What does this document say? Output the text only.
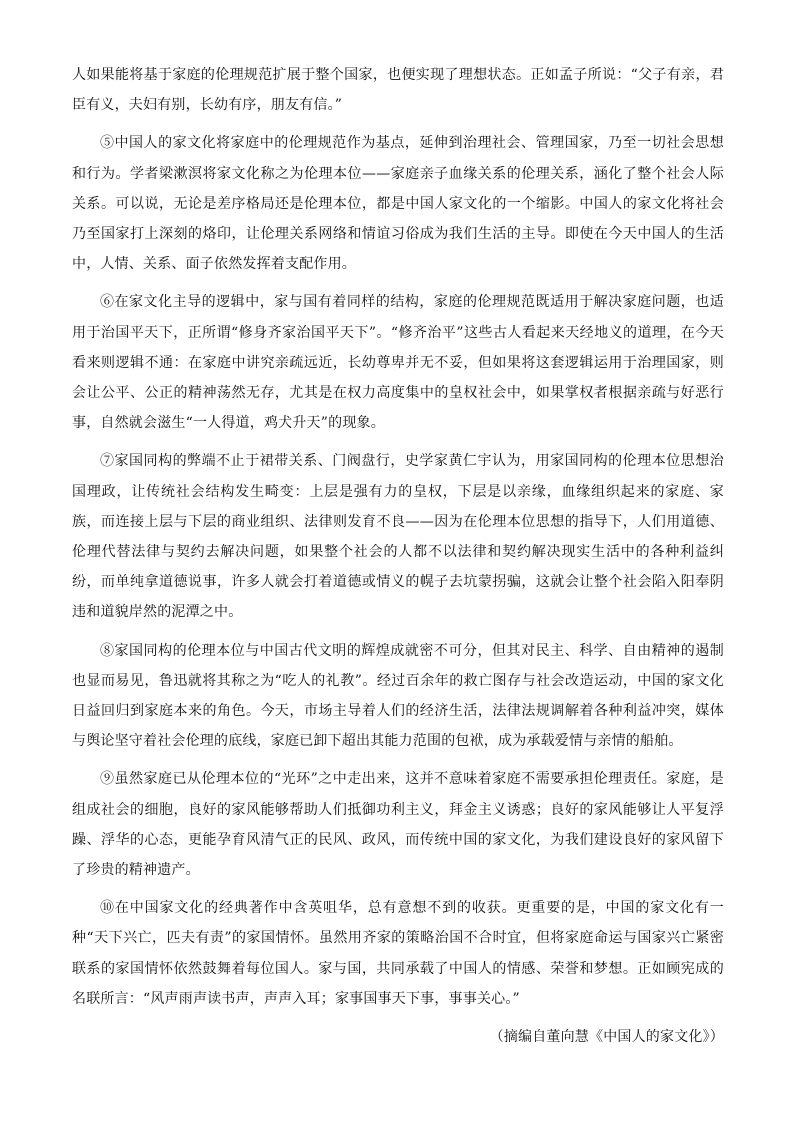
人如果能将基于家庭的伦理规范扩展于整个国家，也便实现了理想状态。正如孟子所说：“父子有亲，君臣有义，夫妇有别，长幼有序，朋友有信。”

⑤中国人的家文化将家庭中的伦理规范作为基点，延伸到治理社会、管理国家，乃至一切社会思想和行为。学者梁漱溟将家文化称之为伦理本位——家庭亲子血缘关系的伦理关系，涵化了整个社会人际关系。可以说，无论是差序格局还是伦理本位，都是中国人家文化的一个缩影。中国人的家文化将社会乃至国家打上深刻的烙印，让伦理关系网络和情谊习俗成为我们生活的主导。即使在今天中国人的生活中，人情、关系、面子依然发挥着支配作用。

⑥在家文化主导的逻辑中，家与国有着同样的结构，家庭的伦理规范既适用于解决家庭问题，也适用于治国平天下，正所谓“修身齐家治国平天下”。“修齐治平”这些古人看起来天经地义的道理，在今天看来则逻辑不通：在家庭中讲究亲疏远近，长幼尊卑并无不妥，但如果将这套逻辑运用于治理国家，则会让公平、公正的精神荡然无存，尤其是在权力高度集中的皇权社会中，如果掌权者根据亲疏与好恶行事，自然就会滋生“一人得道，鸡犬升天”的现象。

⑦家国同构的弊端不止于裙带关系、门阀盘行，史学家黄仁宇认为，用家国同构的伦理本位思想治国理政，让传统社会结构发生畸变：上层是强有力的皇权，下层是以亲缘，血缘组织起来的家庭、家族，而连接上层与下层的商业组织、法律则发育不良——因为在伦理本位思想的指导下，人们用道德、伦理代替法律与契约去解决问题，如果整个社会的人都不以法律和契约解决现实生活中的各种利益纠纷，而单纯拿道德说事，许多人就会打着道德或情义的幌子去坑蒙拐骗，这就会让整个社会陷入阳奉阴违和道貌岸然的泥潭之中。

⑧家国同构的伦理本位与中国古代文明的辉煌成就密不可分，但其对民主、科学、自由精神的遏制也显而易见，鲁迅就将其称之为“吃人的礼教”。经过百余年的救亡图存与社会改造运动，中国的家文化日益回归到家庭本来的角色。今天，市场主导着人们的经济生活，法律法规调解着各种利益冲突，媒体与舆论坚守着社会伦理的底线，家庭已卸下超出其能力范围的包袱，成为承载爱情与亲情的船舶。

⑨虽然家庭已从伦理本位的“光环”之中走出来，这并不意味着家庭不需要承担伦理责任。家庭，是组成社会的细胞，良好的家风能够帮助人们抵御功利主义，拜金主义诱惑；良好的家风能够让人平复浮躁、浮华的心态，更能孕育风清气正的民风、政风，而传统中国的家文化，为我们建设良好的家风留下了珍贵的精神遗产。

⑩在中国家文化的经典著作中含英咀华，总有意想不到的收获。更重要的是，中国的家文化有一种“天下兴亡，匹夫有责”的家国情怀。虽然用齐家的策略治国不合时宜，但将家庭命运与国家兴亡紧密联系的家国情怀依然鼓舞着每位国人。家与国，共同承载了中国人的情感、荣誉和梦想。正如顾宪成的名联所言：“风声雨声读书声，声声入耳；家事国事天下事，事事关心。”

（摘编自董向慧《中国人的家文化》）
